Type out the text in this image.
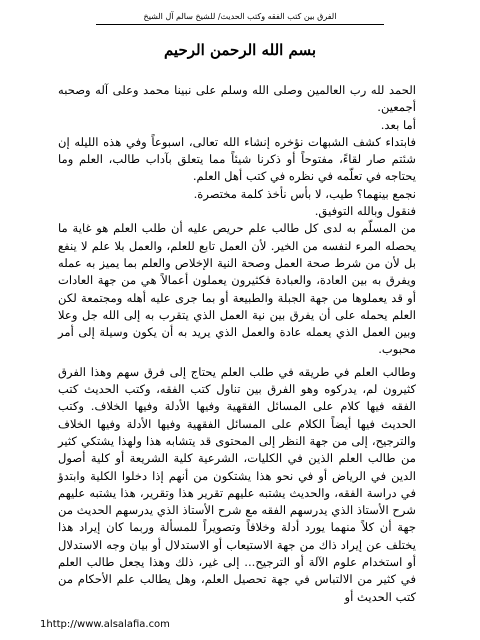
الفرق بين كتب الفقه وكتب الحديث/ للشيخ سالم آل الشيخ
بسم الله الرحمن الرحيم

الحمد لله رب العالمين وصلى الله وسلم على نبينا محمد وعلى آله وصحبه أجمعين.

أما بعد.

فابتداء كشف الشبهات نؤخره إنشاء الله تعالى، اسبوعاً وفي هذه الليله إن شئتم صار لقاءً، مفتوحاً أو ذكرنا شيئاً مما يتعلق بآداب طالب، العلم وما يحتاجه في تعلّمه في نظره في كتب أهل العلم.

نجمع بينهما؟ طيب، لا بأس نأخذ كلمة مختصرة.

فنقول وبالله التوفيق.

من المسلّم به لدى كل طالب علم حريص عليه أن طلب العلم هو غاية ما يحصله المرء لنفسه من الخير. لأن العمل تابع للعلم، والعمل بلا علم لا ينفع بل لأن من شرط صحة العمل وصحة النية الإخلاص والعلم بما يميز به عمله ويفرق به بين العادة، والعبادة فكثيرون يعملون أعمالاً هي من جهة العادات أو قد يعملوها من جهة الجبلة والطبيعة أو بما جرى عليه أهله ومجتمعة لكن العلم يحمله على أن يفرق بين نية العمل الذي يتقرب به إلى الله جل وعلا وبين العمل الذي يعمله عادة والعمل الذي يريد به أن يكون وسيلة إلى أمر محبوب.

وطالب العلم في طريقه في طلب العلم يحتاج إلى فرق سهم وهذا الفرق كثيرون لم، يدركوه وهو الفرق بين تناول كتب الفقه، وكتب الحديث كتب الفقه فيها كلام على المسائل الفقهية وفيها الأدلة وفيها الخلاف. وكتب الحديث فيها أيضاً الكلام على المسائل الفقهية وفيها الأدلة وفيها الخلاف والترجيح، إلى من جهة النظر إلى المحتوى قد يتشابه هذا ولهذا يشتكي كثير من طالب العلم الذين في الكليات، الشرعية كلية الشريعة أو كلية أصول الدين في الرياض أو في نحو هذا يشتكون من أنهم إذا دخلوا الكلية وابتدؤ في دراسة الفقه، والحديث يشتبه عليهم تقرير هذا وتقرير، هذا يشتبه عليهم شرح الأستاذ الذي يدرسهم الفقه مع شرح الأستاذ الذي يدرسهم الحديث من جهة أن كلاً منهما يورد أدلة وخلافاً وتصويراً للمسألة وربما كان إيراد هذا يختلف عن إيراد ذاك من جهة الاستيعاب أو الاستدلال أو بيان وجه الاستدلال أو استخدام علوم الآلة أو الترجيح... إلى غير، ذلك وهذا يجعل طالب العلم في كثير من الالتباس في جهة تحصيل العلم، وهل يطالب علم الأحكام من كتب الحديث أو

1http://www.alsalafia.com
